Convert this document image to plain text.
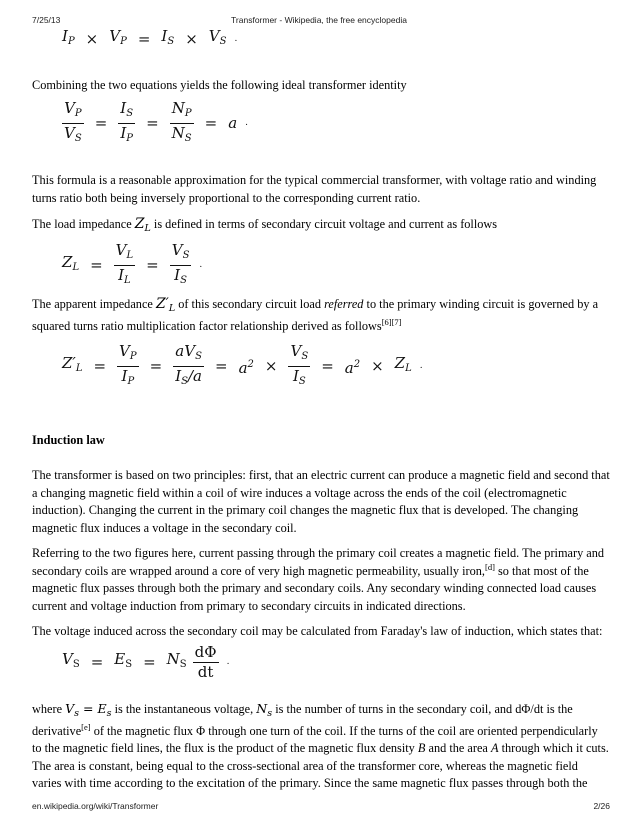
7/25/13	Transformer - Wikipedia, the free encyclopedia
$I_P \times V_P = I_S \times V_S$ .

Combining the two equations yields the following ideal transformer identity

$\frac{V_P}{V_S} = \frac{I_S}{I_P} = \frac{N_P}{N_S} = a$ .

This formula is a reasonable approximation for the typical commercial transformer, with voltage ratio and winding turns ratio both being inversely proportional to the corresponding current ratio.

The load impedance $Z_L$ is defined in terms of secondary circuit voltage and current as follows

$Z_L = \frac{V_L}{I_L} = \frac{V_S}{I_S}$ .

The apparent impedance $Z'_L$ of this secondary circuit load referred to the primary winding circuit is governed by a squared turns ratio multiplication factor relationship derived as follows[6][7]

$Z'_L = \frac{V_P}{I_P} = \frac{aV_S}{I_S/a} = a^2 \times \frac{V_S}{I_S} = a^2 \times Z_L$ .

Induction law

The transformer is based on two principles: first, that an electric current can produce a magnetic field and second that a changing magnetic field within a coil of wire induces a voltage across the ends of the coil (electromagnetic induction). Changing the current in the primary coil changes the magnetic flux that is developed. The changing magnetic flux induces a voltage in the secondary coil.

Referring to the two figures here, current passing through the primary coil creates a magnetic field. The primary and secondary coils are wrapped around a core of very high magnetic permeability, usually iron,[d] so that most of the magnetic flux passes through both the primary and secondary coils. Any secondary winding connected load causes current and voltage induction from primary to secondary circuits in indicated directions.

The voltage induced across the secondary coil may be calculated from Faraday's law of induction, which states that:

$V_S = E_S = N_S \frac{d\Phi}{dt}$ .

where $V_s = E_s$ is the instantaneous voltage, $N_s$ is the number of turns in the secondary coil, and dΦ/dt is the derivative[e] of the magnetic flux Φ through one turn of the coil. If the turns of the coil are oriented perpendicularly to the magnetic field lines, the flux is the product of the magnetic flux density B and the area A through which it cuts. The area is constant, being equal to the cross-sectional area of the transformer core, whereas the magnetic field varies with time according to the excitation of the primary. Since the same magnetic flux passes through both the

en.wikipedia.org/wiki/Transformer	2/26
